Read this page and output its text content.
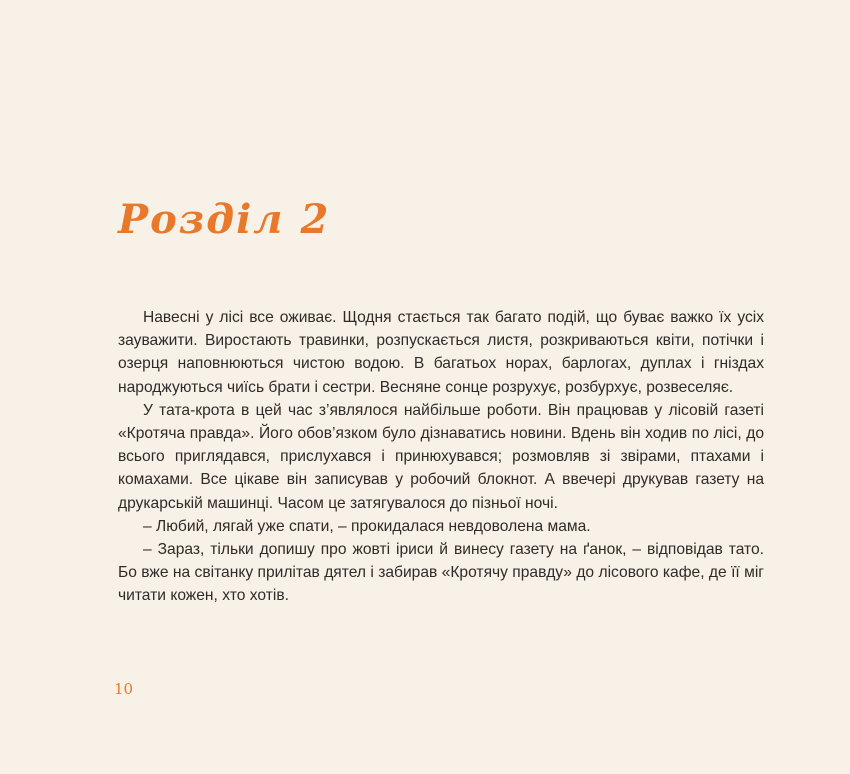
Розділ 2

Навесні у лісі все оживає. Щодня стається так багато подій, що буває важко їх усіх зауважити. Виростають травинки, розпускається листя, розкриваються квіти, потічки і озерця наповнюються чистою водою. В багатьох норах, барлогах, дуплах і гніздах народжуються чиїсь брати і сестри. Весняне сонце розрухує, розбурхує, розвеселяє.

У тата-крота в цей час з’являлося найбільше роботи. Він працював у лісовій газеті «Кротяча правда». Його обов’язком було дізнаватись новини. Вдень він ходив по лісі, до всього приглядався, прислухався і принюхувався; розмовляв зі звірами, птахами і комахами. Все цікаве він записував у робочий блокнот. А ввечері друкував газету на друкарській машинці. Часом це затягувалося до пізньої ночі.

– Любий, лягай уже спати, – прокидалася невдоволена мама.

– Зараз, тільки допишу про жовті іриси й винесу газету на ґанок, – відповідав тато. Бо вже на світанку прилітав дятел і забирав «Кротячу правду» до лісового кафе, де її міг читати кожен, хто хотів.

10
